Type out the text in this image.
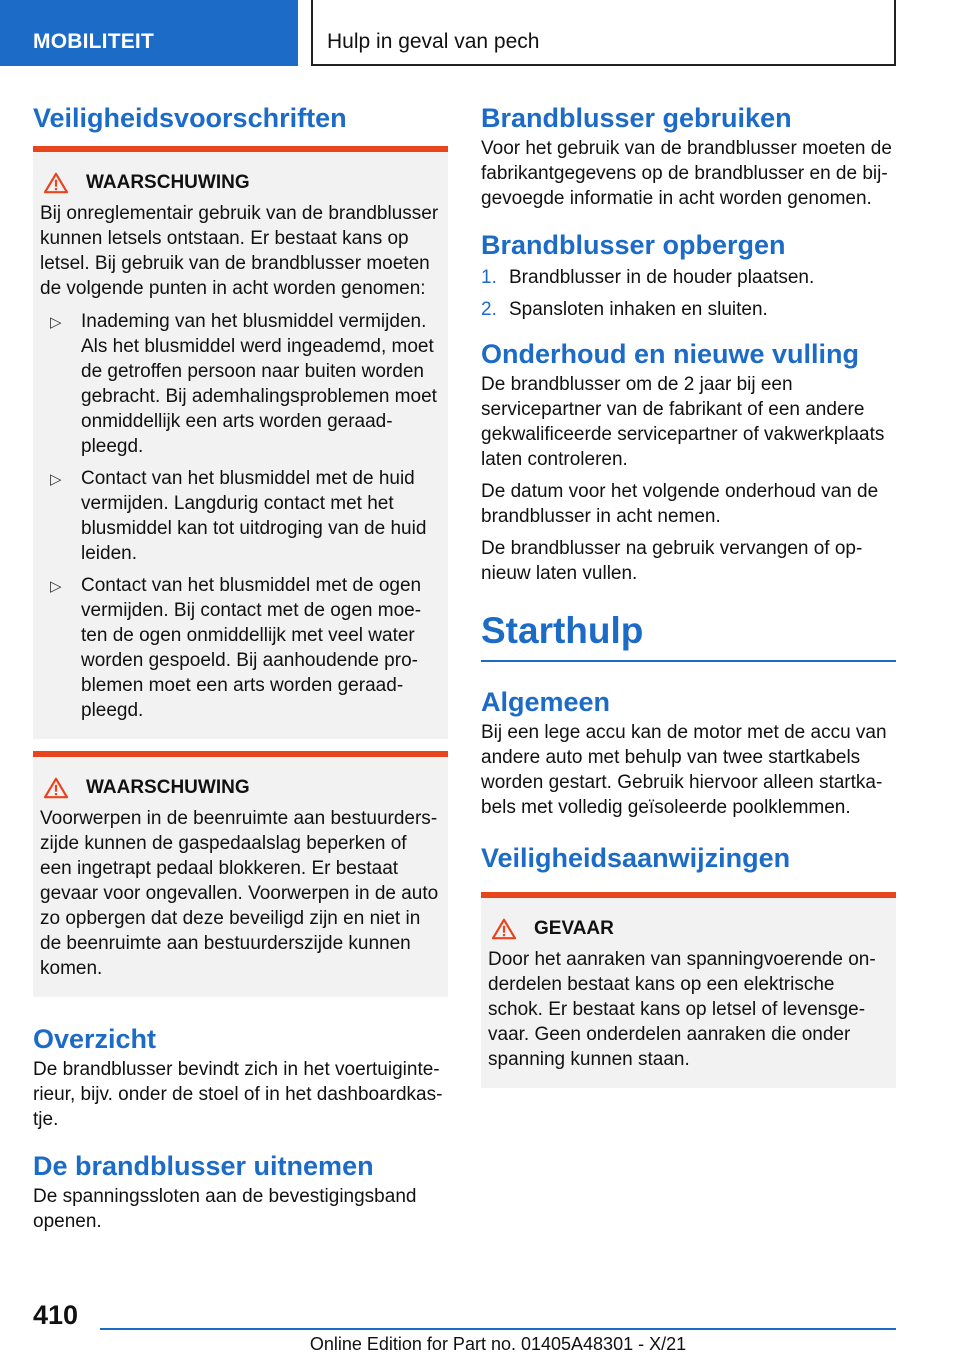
MOBILITEIT	Hulp in geval van pech
Veiligheidsvoorschriften
WAARSCHUWING
Bij onreglementair gebruik van de brandblusser kunnen letsels ontstaan. Er bestaat kans op letsel. Bij gebruik van de brandblusser moeten de volgende punten in acht worden genomen:
▷	Inademing van het blusmiddel vermijden. Als het blusmiddel werd ingeademd, moet de getroffen persoon naar buiten worden gebracht. Bij ademhalingsproblemen moet onmiddellijk een arts worden geraadpleegd.
▷	Contact van het blusmiddel met de huid vermijden. Langdurig contact met het blusmiddel kan tot uitdroging van de huid leiden.
▷	Contact van het blusmiddel met de ogen vermijden. Bij contact met de ogen moeten de ogen onmiddellijk met veel water worden gespoeld. Bij aanhoudende problemen moet een arts worden geraadpleegd.
WAARSCHUWING
Voorwerpen in de beenruimte aan bestuurderszijde kunnen de gaspedaalslag beperken of een ingetrapt pedaal blokkeren. Er bestaat gevaar voor ongevallen. Voorwerpen in de auto zo opbergen dat deze beveiligd zijn en niet in de beenruimte aan bestuurderszijde kunnen komen.
Overzicht
De brandblusser bevindt zich in het voertuiginterieur, bijv. onder de stoel of in het dashboardkastje.
De brandblusser uitnemen
De spanningssloten aan de bevestigingsband openen.
Brandblusser gebruiken
Voor het gebruik van de brandblusser moeten de fabrikantgegevens op de brandblusser en de bijgevoegde informatie in acht worden genomen.
Brandblusser opbergen
1. Brandblusser in de houder plaatsen.
2. Spansloten inhaken en sluiten.
Onderhoud en nieuwe vulling
De brandblusser om de 2 jaar bij een servicepartner van de fabrikant of een andere gekwalificeerde servicepartner of vakwerkplaats laten controleren.
De datum voor het volgende onderhoud van de brandblusser in acht nemen.
De brandblusser na gebruik vervangen of opnieuw laten vullen.
Starthulp
Algemeen
Bij een lege accu kan de motor met de accu van andere auto met behulp van twee startkabels worden gestart. Gebruik hiervoor alleen startkabels met volledig geïsoleerde poolklemmen.
Veiligheidsaanwijzingen
GEVAAR
Door het aanraken van spanningvoerende onderdelen bestaat kans op een elektrische schok. Er bestaat kans op letsel of levensgevaar. Geen onderdelen aanraken die onder spanning kunnen staan.
410
Online Edition for Part no. 01405A48301 - X/21
